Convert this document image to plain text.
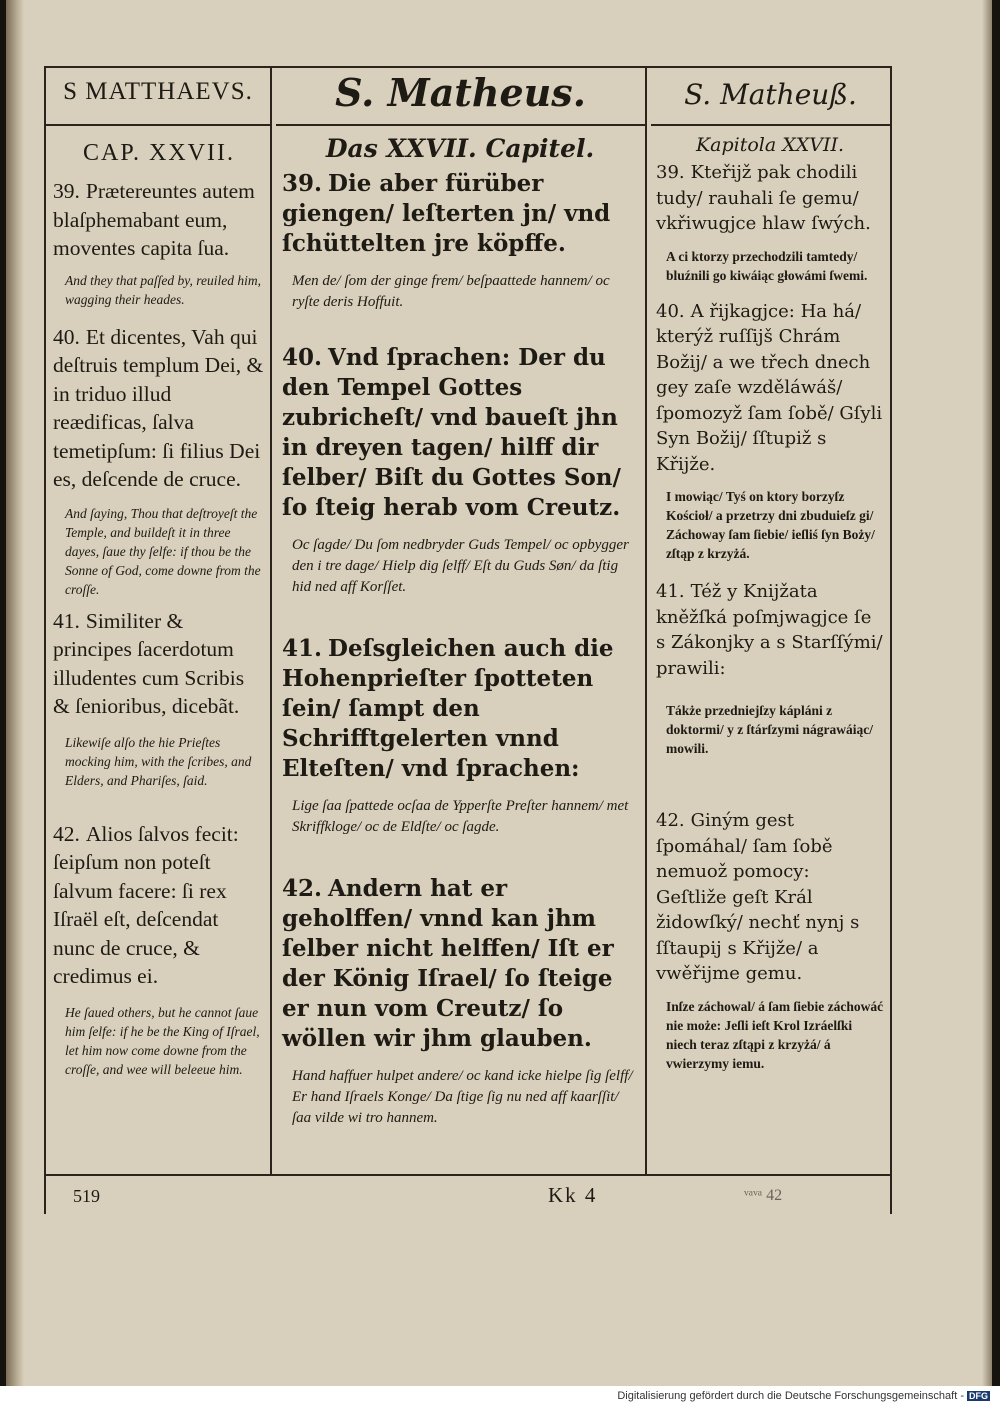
S MATTHAEVS.	S. Matheus.	S. Matheuß.
CAP. XXVII.

39. Prætereuntes autem blaſphemabant eum, moventes capita ſua.

And they that paſſed by, reuiled him, wagging their heades.

40. Et dicentes, Vah qui deſtruis templum Dei, & in triduo illud reædificas, ſalva temetipſum: ſi filius Dei es, deſcende de cruce.

And ſaying, Thou that deſtroyeſt the Temple, and buildeſt it in three dayes, ſaue thy ſelfe: if thou be the Sonne of God, come downe from the croſſe.

41. Similiter & principes ſacerdotum illudentes cum Scribis & ſenioribus, dicebãt.

Likewiſe alſo the hie Prieſtes mocking him, with the ſcribes, and Elders, and Phariſes, ſaid.

42. Alios ſalvos fecit: ſeipſum non poteſt ſalvum facere: ſi rex Iſraël eſt, deſcendat nunc de cruce, & credimus ei.

He ſaued others, but he cannot ſaue him ſelfe: if he be the King of Iſrael, let him now come downe from the croſſe, and wee will beleeue him.

Das XXVII. Capitel.

39. Die aber fürüber giengen/ leſterten jn/ vnd ſchüttelten jre köpffe.

Men de/ ſom der ginge frem/ beſpaattede hannem/ oc ryſte deris Hoffuit.

40. Vnd ſprachen: Der du den Tempel Gottes zubricheſt/ vnd baueſt jhn in dreyen tagen/ hilff dir ſelber/ Biſt du Gottes Son/ ſo ſteig herab vom Creutz.

Oc ſagde/ Du ſom nedbryder Guds Tempel/ oc opbygger den i tre dage/ Hielp dig ſelff/ Eſt du Guds Søn/ da ſtig hid ned aff Korſſet.

41. Deſsgleichen auch die Hohenprieſter ſpotteten ſein/ ſampt den Schrifftgelerten vnnd Elteſten/ vnd ſprachen:

Lige ſaa ſpattede ocſaa de Ypperſte Preſter hannem/ met Skriffkloge/ oc de Eldſte/ oc ſagde.

42. Andern hat er geholffen/ vnnd kan jhm ſelber nicht helffen/ Iſt er der König Iſrael/ ſo ſteige er nun vom Creutz/ ſo wöllen wir jhm glauben.

Hand haffuer hulpet andere/ oc kand icke hielpe ſig ſelff/ Er hand Iſraels Konge/ Da ſtige ſig nu ned aff kaarſſit/ ſaa vilde wi tro hannem.

Kapitola XXVII.

39. Kteřijž pak chodili tudy/ rauhali ſe gemu/ vkřiwugjce hlaw ſwých.

A ci ktorzy przechodzili tamtedy/ bluźnili go kiwáiąc głowámi ſwemi.

40. A řijkagjce: Ha há/ kterýž ruſſijš Chrám Božij/ a we třech dnech gey zaſe wzděláwáš/ ſpomozyž ſam ſobě/ Gſyli Syn Božij/ ſſtupiž s Křijže.

I mowiąc/ Tyś on ktory borzyſz Kościoł/ a przetrzy dni zbuduieſz gi/ Záchoway ſam ſiebie/ ieſliś ſyn Boży/ zſtąp z krzyżá.

41. Též y Knijžata kněžſká poſmjwagjce ſe s Zákonjky a s Starſſými/ prawili:

Tákże przedniejſzy kápláni z doktormi/ y z ſtárſzymi nágrawáiąc/ mowili.

42. Giným gest ſpomáhal/ ſam ſobě nemuož pomocy: Geſtliže geſt Král židowſký/ nechť nynj s ſſtaupij s Křijže/ a vwěřijme gemu.

Inſze záchowal/ á ſam ſiebie záchowáć nie może: Jeſli ieſt Krol Izráelſki niech teraz zſtąpi z krzyżá/ á vwierzymy iemu.

519	Kk 4	ᵛᵃᵛᵃ 42
Digitalisierung gefördert durch die Deutsche Forschungsgemeinschaft - DFG
